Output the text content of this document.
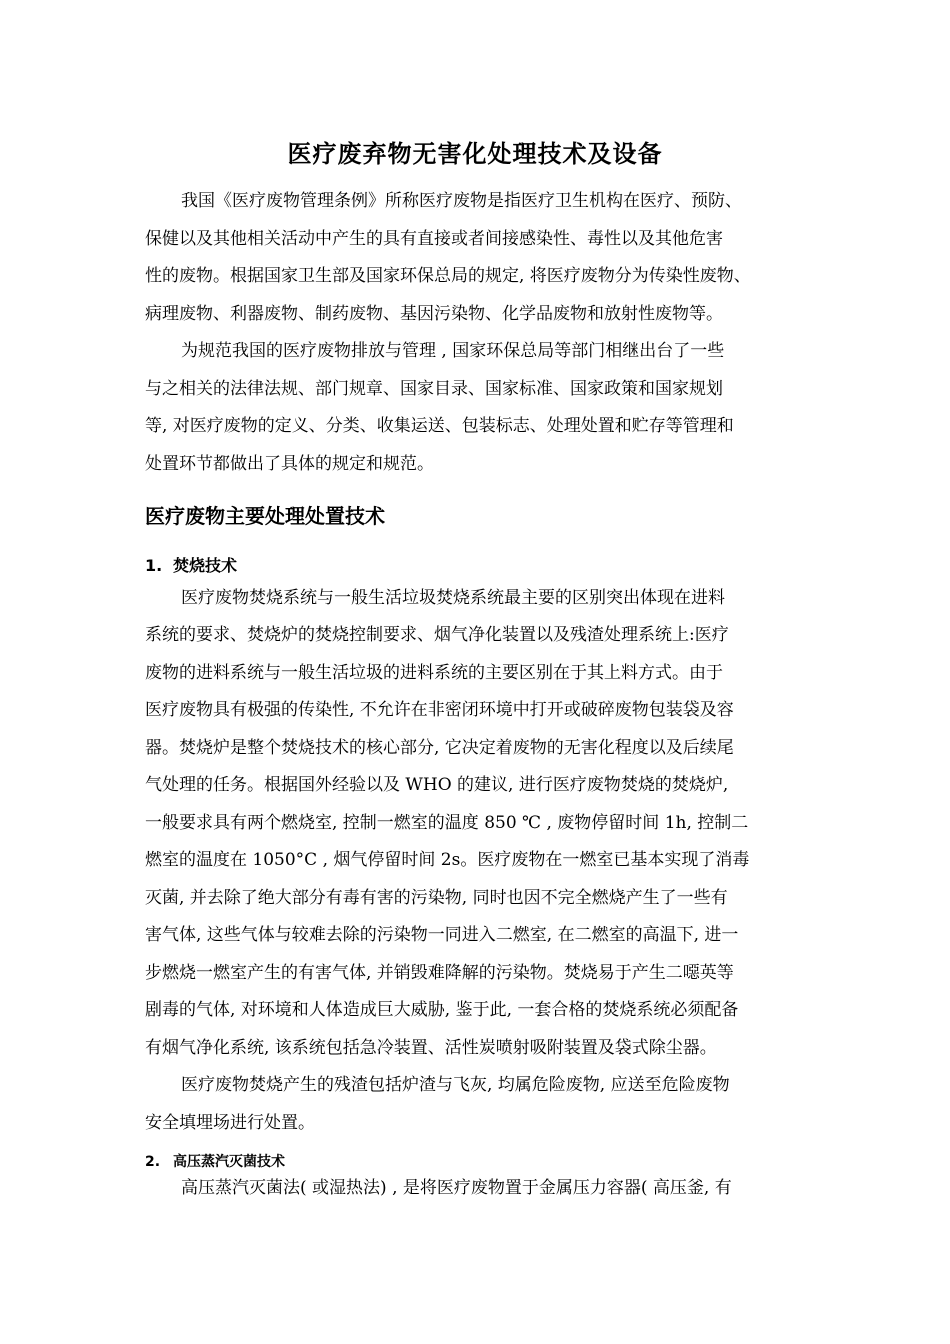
医疗废弃物无害化处理技术及设备
我国《医疗废物管理条例》所称医疗废物是指医疗卫生机构在医疗、预防、
保健以及其他相关活动中产生的具有直接或者间接感染性、毒性以及其他危害
性的废物。根据国家卫生部及国家环保总局的规定, 将医疗废物分为传染性废物、
病理废物、利器废物、制药废物、基因污染物、化学品废物和放射性废物等。
为规范我国的医疗废物排放与管理 , 国家环保总局等部门相继出台了一些
与之相关的法律法规、部门规章、国家目录、国家标准、国家政策和国家规划
等, 对医疗废物的定义、分类、收集运送、包装标志、处理处置和贮存等管理和
处置环节都做出了具体的规定和规范。
医疗废物主要处理处置技术
1. 焚烧技术
医疗废物焚烧系统与一般生活垃圾焚烧系统最主要的区别突出体现在进料
系统的要求、焚烧炉的焚烧控制要求、烟气净化装置以及残渣处理系统上:医疗
废物的进料系统与一般生活垃圾的进料系统的主要区别在于其上料方式。由于
医疗废物具有极强的传染性, 不允许在非密闭环境中打开或破碎废物包装袋及容
器。焚烧炉是整个焚烧技术的核心部分, 它决定着废物的无害化程度以及后续尾
气处理的任务。根据国外经验以及 WHO 的建议, 进行医疗废物焚烧的焚烧炉,
一般要求具有两个燃烧室, 控制一燃室的温度 850 ℃ , 废物停留时间 1h, 控制二
燃室的温度在 1050°C , 烟气停留时间 2s。医疗废物在一燃室已基本实现了消毒
灭菌, 并去除了绝大部分有毒有害的污染物, 同时也因不完全燃烧产生了一些有
害气体, 这些气体与较难去除的污染物一同进入二燃室, 在二燃室的高温下, 进一
步燃烧一燃室产生的有害气体, 并销毁难降解的污染物。焚烧易于产生二噁英等
剧毒的气体, 对环境和人体造成巨大威胁, 鉴于此, 一套合格的焚烧系统必须配备
有烟气净化系统, 该系统包括急冷装置、活性炭喷射吸附装置及袋式除尘器。
医疗废物焚烧产生的残渣包括炉渣与飞灰, 均属危险废物, 应送至危险废物
安全填埋场进行处置。
2. 高压蒸汽灭菌技术
高压蒸汽灭菌法( 或湿热法) , 是将医疗废物置于金属压力容器( 高压釜, 有
